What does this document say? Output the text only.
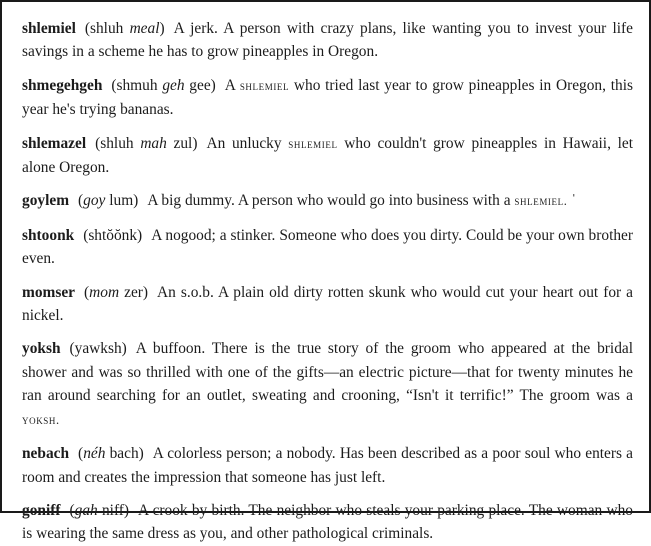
shlemiel (shluh meal) A jerk. A person with crazy plans, like wanting you to invest your life savings in a scheme he has to grow pineapples in Oregon.

shmegehgeh (shmuh geh gee) A shlemiel who tried last year to grow pineapples in Oregon, this year he's trying bananas.

shlemazel (shluh mah zul) An unlucky shlemiel who couldn't grow pineapples in Hawaii, let alone Oregon.

goylem (goy lum) A big dummy. A person who would go into business with a shlemiel. ˈ

shtoonk (shtŏŏnk) A nogood; a stinker. Someone who does you dirty. Could be your own brother even.

momser (mom zer) An s.o.b. A plain old dirty rotten skunk who would cut your heart out for a nickel.

yoksh (yawksh) A buffoon. There is the true story of the groom who appeared at the bridal shower and was so thrilled with one of the gifts—an electric picture—that for twenty minutes he ran around searching for an outlet, sweating and crooning, “Isn't it terrific!” The groom was a yoksh.

nebach (néh bach) A colorless person; a nobody. Has been described as a poor soul who enters a room and creates the impression that someone has just left.

goniff (gah niff) A crook by birth. The neighbor who steals your parking place. The woman who is wearing the same dress as you, and other pathological criminals.
